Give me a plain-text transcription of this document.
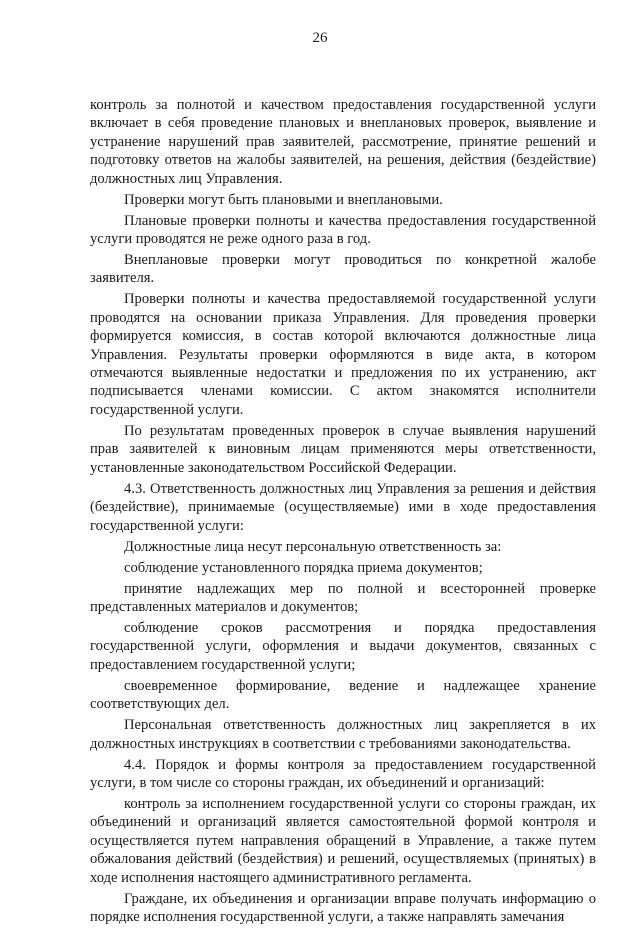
26

контроль за полнотой и качеством предоставления государственной услуги включает в себя проведение плановых и внеплановых проверок, выявление и устранение нарушений прав заявителей, рассмотрение, принятие решений и подготовку ответов на жалобы заявителей, на решения, действия (бездействие) должностных лиц Управления.

Проверки могут быть плановыми и внеплановыми.

Плановые проверки полноты и качества предоставления государственной услуги проводятся не реже одного раза в год.

Внеплановые проверки могут проводиться по конкретной жалобе заявителя.

Проверки полноты и качества предоставляемой государственной услуги проводятся на основании приказа Управления. Для проведения проверки формируется комиссия, в состав которой включаются должностные лица Управления. Результаты проверки оформляются в виде акта, в котором отмечаются выявленные недостатки и предложения по их устранению, акт подписывается членами комиссии. С актом знакомятся исполнители государственной услуги.

По результатам проведенных проверок в случае выявления нарушений прав заявителей к виновным лицам применяются меры ответственности, установленные законодательством Российской Федерации.

4.3. Ответственность должностных лиц Управления за решения и действия (бездействие), принимаемые (осуществляемые) ими в ходе предоставления государственной услуги:

Должностные лица несут персональную ответственность за:

соблюдение установленного порядка приема документов;

принятие надлежащих мер по полной и всесторонней проверке представленных материалов и документов;

соблюдение сроков рассмотрения и порядка предоставления государственной услуги, оформления и выдачи документов, связанных с предоставлением государственной услуги;

своевременное формирование, ведение и надлежащее хранение соответствующих дел.

Персональная ответственность должностных лиц закрепляется в их должностных инструкциях в соответствии с требованиями законодательства.

4.4. Порядок и формы контроля за предоставлением государственной услуги, в том числе со стороны граждан, их объединений и организаций:

контроль за исполнением государственной услуги со стороны граждан, их объединений и организаций является самостоятельной формой контроля и осуществляется путем направления обращений в Управление, а также путем обжалования действий (бездействия) и решений, осуществляемых (принятых) в ходе исполнения настоящего административного регламента.

Граждане, их объединения и организации вправе получать информацию о порядке исполнения государственной услуги, а также направлять замечания
